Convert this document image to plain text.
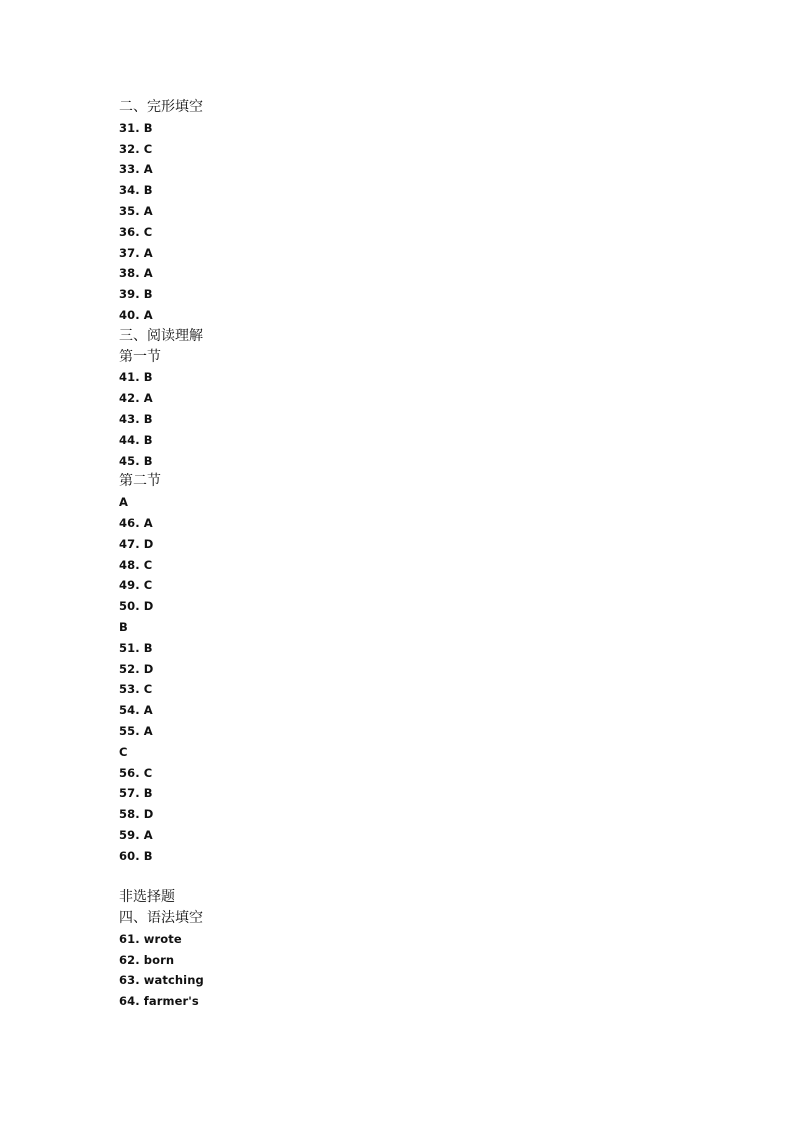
二、完形填空
31. B
32. C
33. A
34. B
35. A
36. C
37. A
38. A
39. B
40. A
三、阅读理解
第一节
41. B
42. A
43. B
44. B
45. B
第二节
A
46. A
47. D
48. C
49. C
50. D
B
51. B
52. D
53. C
54. A
55. A
C
56. C
57. B
58. D
59. A
60. B
非选择题
四、语法填空
61. wrote
62. born
63. watching
64. farmer's
